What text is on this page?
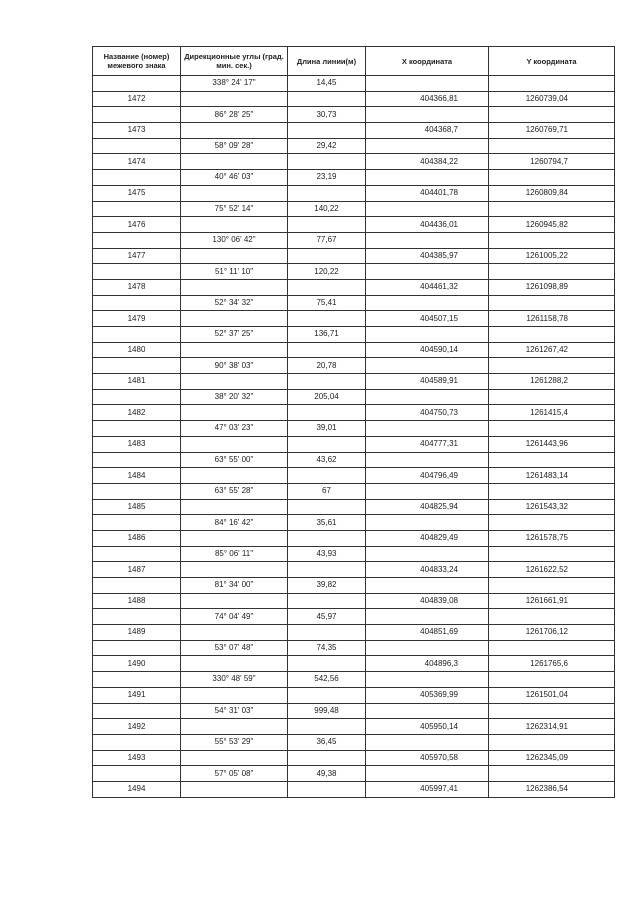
Название (номер) межевого знака	Дирекционные углы (град. мин. сек.)	Длина линии(м)	X координата	Y координата
	338° 24' 17"	14,45		
1472			404366,81	1260739,04
	86° 28' 25"	30,73		
1473			404368,7	1260769,71
	58° 09' 28"	29,42		
1474			404384,22	1260794,7
	40° 46' 03"	23,19		
1475			404401,78	1260809,84
	75° 52' 14"	140,22		
1476			404436,01	1260945,82
	130° 06' 42"	77,67		
1477			404385,97	1261005,22
	51° 11' 10"	120,22		
1478			404461,32	1261098,89
	52° 34' 32"	75,41		
1479			404507,15	1261158,78
	52° 37' 25"	136,71		
1480			404590,14	1261267,42
	90° 38' 03"	20,78		
1481			404589,91	1261288,2
	38° 20' 32"	205,04		
1482			404750,73	1261415,4
	47° 03' 23"	39,01		
1483			404777,31	1261443,96
	63° 55' 00"	43,62		
1484			404796,49	1261483,14
	63° 55' 28"	67		
1485			404825,94	1261543,32
	84° 16' 42"	35,61		
1486			404829,49	1261578,75
	85° 06' 11"	43,93		
1487			404833,24	1261622,52
	81° 34' 00"	39,82		
1488			404839,08	1261661,91
	74° 04' 49"	45,97		
1489			404851,69	1261706,12
	53° 07' 48"	74,35		
1490			404896,3	1261765,6
	330° 48' 59"	542,56		
1491			405369,99	1261501,04
	54° 31' 03"	999,48		
1492			405950,14	1262314,91
	55° 53' 29"	36,45		
1493			405970,58	1262345,09
	57° 05' 08"	49,38		
1494			405997,41	1262386,54
